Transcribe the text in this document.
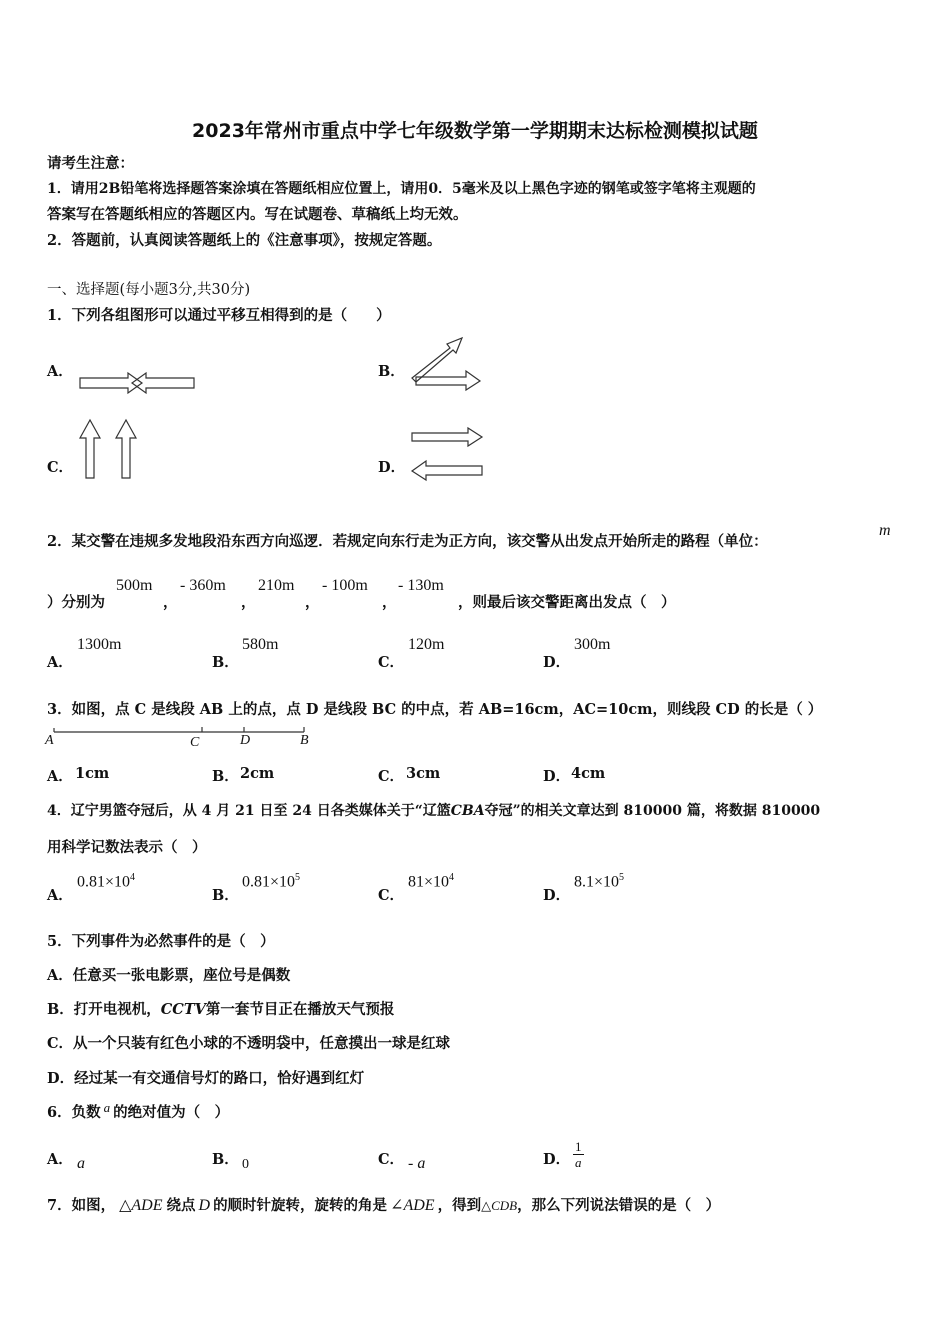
2023年常州市重点中学七年级数学第一学期期末达标检测模拟试题
请考生注意：
1．请用2B铅笔将选择题答案涂填在答题纸相应位置上，请用0．5毫米及以上黑色字迹的钢笔或签字笔将主观题的
答案写在答题纸相应的答题区内。写在试题卷、草稿纸上均无效。
2．答题前，认真阅读答题纸上的《注意事项》，按规定答题。
一、选择题(每小题3分,共30分)
1．下列各组图形可以通过平移互相得到的是（　　）
A．	B．
C．	D．
2．某交警在违规多发地段沿东西方向巡逻．若规定向东行走为正方向，该交警从出发点开始所走的路程（单位：
m
）分别为
500m
，
- 360m
，
210m
，
- 100m
，
- 130m
，则最后该交警距离出发点（　）
A．
1300m
B．
580m
C．
120m
D．
300m
3．如图，点 C 是线段 AB 上的点，点 D 是线段 BC 的中点，若 AB=16cm，AC=10cm，则线段 CD 的长是（ ）
A	C	D	B
A． 1cm	B． 2cm	C． 3cm	D． 4cm
4．辽宁男篮夺冠后，从 4 月 21 日至 24 日各类媒体关于“辽篮CBA夺冠”的相关文章达到 810000 篇，将数据 810000
用科学记数法表示（　）
A．
$0.81\times 10^4$
B．
$0.81\times 10^5$
C．
$81\times 10^4$
D．
$8.1\times 10^5$
5．下列事件为必然事件的是（　）
A．任意买一张电影票，座位号是偶数
B．打开电视机，CCTV第一套节目正在播放天气预报
C．从一个只装有红色小球的不透明袋中，任意摸出一球是红球
D．经过某一有交通信号灯的路口，恰好遇到红灯
6．负数 a 的绝对值为（　）
A． a	B． 0	C． - a	D． $\frac{1}{a}$
7．如图， △ADE 绕点 D 的顺时针旋转，旋转的角是 ∠ADE ，得到△CDB，那么下列说法错误的是（　）
